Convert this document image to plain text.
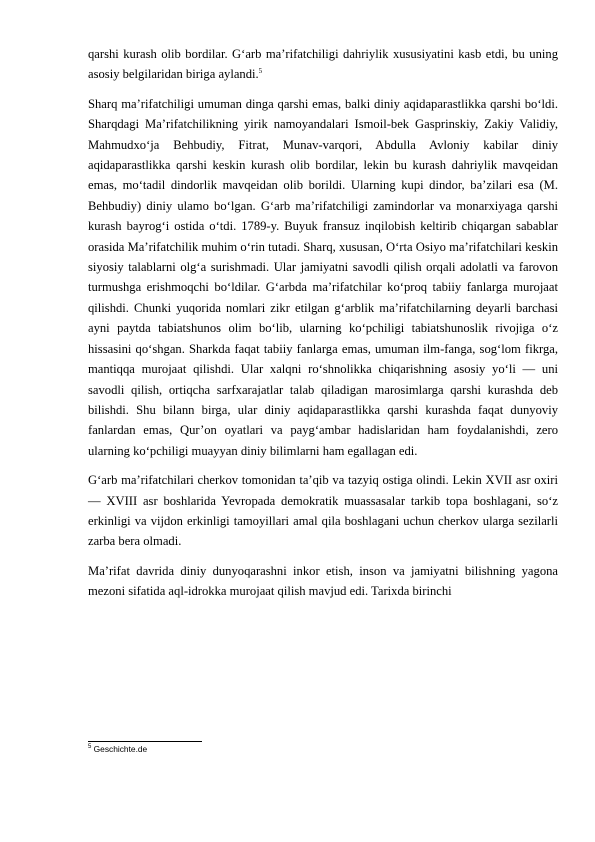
qarshi kurash olib bordilar. G‘arb ma’rifatchiligi dahriylik xususiyatini kasb etdi, bu uning asosiy belgilaridan biriga aylandi.$^5$

Sharq ma’rifatchiligi umuman dinga qarshi emas, balki diniy aqidaparastlikka qarshi bo‘ldi. Sharqdagi Ma’rifatchilikning yirik namoyandalari Ismoil-bek Gasprinskiy, Zakiy Validiy, Mahmudxo‘ja Behbudiy, Fitrat, Munav-varqori, Abdulla Avloniy kabilar diniy aqidaparastlikka qarshi keskin kurash olib bordilar, lekin bu kurash dahriylik mavqeidan emas, mo‘tadil dindorlik mavqeidan olib borildi. Ularning kupi dindor, ba’zilari esa (M. Behbudiy) diniy ulamo bo‘lgan. G‘arb ma’rifatchiligi zamindorlar va monarxiyaga qarshi kurash bayrog‘i ostida o‘tdi. 1789-y. Buyuk fransuz inqilobish keltirib chiqargan sabablar orasida Ma’rifatchilik muhim o‘rin tutadi. Sharq, xususan, O‘rta Osiyo ma’rifatchilari keskin siyosiy talablarni olg‘a surishmadi. Ular jamiyatni savodli qilish orqali adolatli va farovon turmushga erishmoqchi bo‘ldilar. G‘arbda ma’rifatchilar ko‘proq tabiiy fanlarga murojaat qilishdi. Chunki yuqorida nomlari zikr etilgan g‘arblik ma’rifatchilarning deyarli barchasi ayni paytda tabiatshunos olim bo‘lib, ularning ko‘pchiligi tabiatshunoslik rivojiga o‘z hissasini qo‘shgan. Sharkda faqat tabiiy fanlarga emas, umuman ilm-fanga, sog‘lom fikrga, mantiqqa murojaat qilishdi. Ular xalqni ro‘shnolikka chiqarishning asosiy yo‘li — uni savodli qilish, ortiqcha sarfxarajatlar talab qiladigan marosimlarga qarshi kurashda deb bilishdi. Shu bilann birga, ular diniy aqidaparastlikka qarshi kurashda faqat dunyoviy fanlardan emas, Qur’on oyatlari va payg‘ambar hadislaridan ham foydalanishdi, zero ularning ko‘pchiligi muayyan diniy bilimlarni ham egallagan edi.

G‘arb ma’rifatchilari cherkov tomonidan ta’qib va tazyiq ostiga olindi. Lekin XVII asr oxiri — XVIII asr boshlarida Yevropada demokratik muassasalar tarkib topa boshlagani, so‘z erkinligi va vijdon erkinligi tamoyillari amal qila boshlagani uchun cherkov ularga sezilarli zarba bera olmadi.

Ma’rifat davrida diniy dunyoqarashni inkor etish, inson va jamiyatni bilishning yagona mezoni sifatida aql-idrokka murojaat qilish mavjud edi. Tarixda birinchi

$^5$ Geschichte.de
